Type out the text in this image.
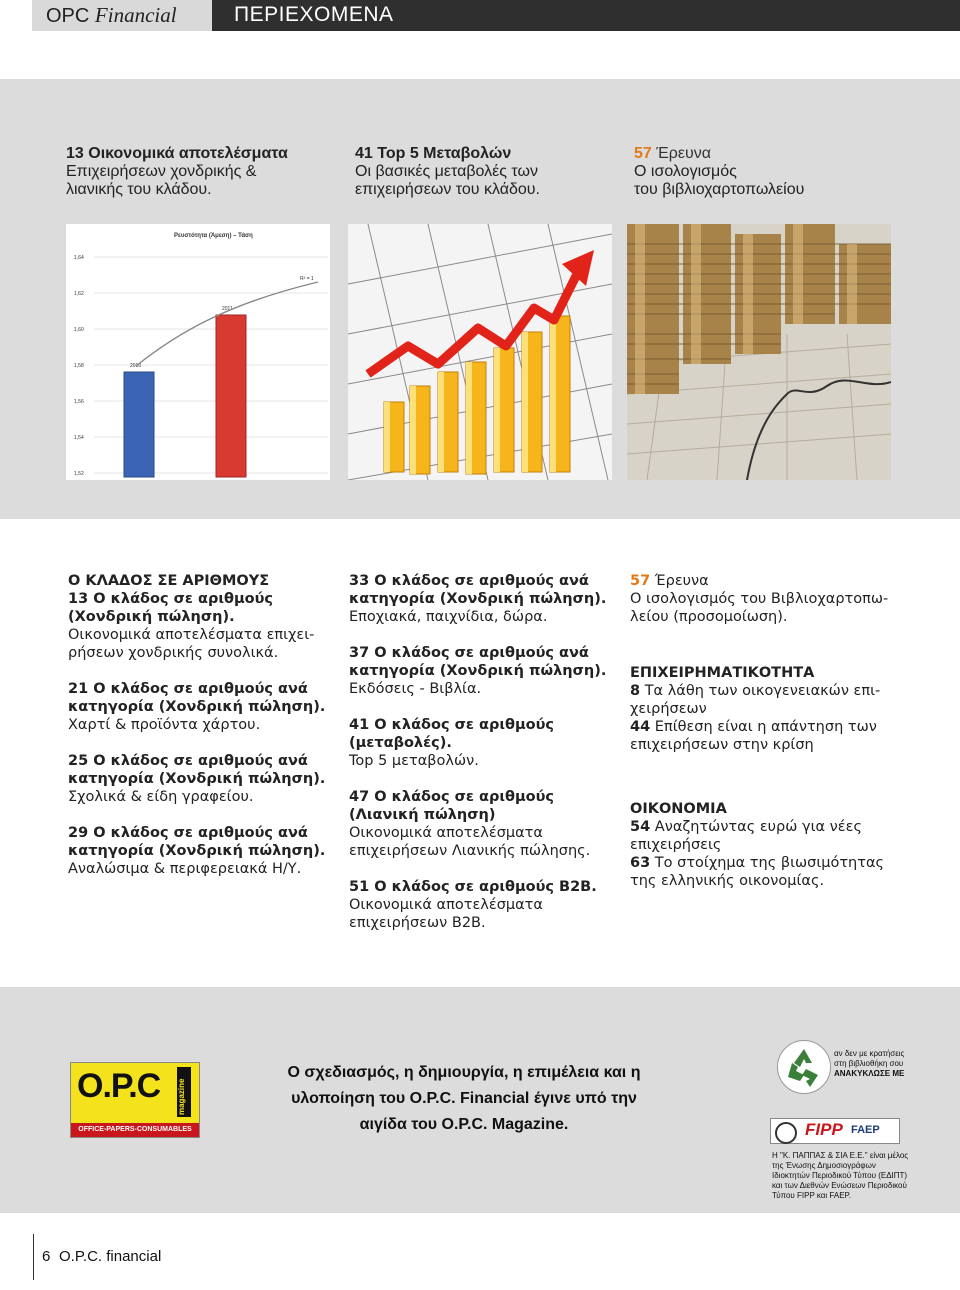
OPC Financial	ΠΕΡΙΕΧΟΜΕΝΑ
13 Οικονομικά αποτελέσματα
Επιχειρήσεων χονδρικής &
λιανικής του κλάδου.
41 Top 5 Μεταβολών
Οι βασικές μεταβολές των
επιχειρήσεων του κλάδου.
57 Έρευνα
Ο ισολογισμός
του βιβλιοχαρτοπωλείου
Ρευστότητα (Άμεση) – Τάση
1,64
1,62
1,60
1,58
1,56
1,54
1,52
2010
2011
R² = 1
Ο ΚΛΑΔΟΣ ΣΕ ΑΡΙΘΜΟΥΣ

13 Ο κλάδος σε αριθμούς
(Χονδρική πώληση).
Οικονομικά αποτελέσματα επιχει-
ρήσεων χονδρικής συνολικά.

21 Ο κλάδος σε αριθμούς ανά
κατηγορία (Χονδρική πώληση).
Χαρτί & προϊόντα χάρτου.

25 Ο κλάδος σε αριθμούς ανά
κατηγορία (Χονδρική πώληση).
Σχολικά & είδη γραφείου.

29 Ο κλάδος σε αριθμούς ανά
κατηγορία (Χονδρική πώληση).
Αναλώσιμα & περιφερειακά Η/Υ.

33 Ο κλάδος σε αριθμούς ανά
κατηγορία (Χονδρική πώληση).
Εποχιακά, παιχνίδια, δώρα.

37 Ο κλάδος σε αριθμούς ανά
κατηγορία (Χονδρική πώληση).
Εκδόσεις - Βιβλία.

41 Ο κλάδος σε αριθμούς
(μεταβολές).
Top 5 μεταβολών.

47 Ο κλάδος σε αριθμούς
(Λιανική πώληση)
Οικονομικά αποτελέσματα
επιχειρήσεων Λιανικής πώλησης.

51 Ο κλάδος σε αριθμούς B2B.
Οικονομικά αποτελέσματα
επιχειρήσεων B2B.

57 Έρευνα
Ο ισολογισμός του Βιβλιοχαρτοπω-
λείου (προσομοίωση).

ΕΠΙΧΕΙΡΗΜΑΤΙΚΟΤΗΤΑ
8 Τα λάθη των οικογενειακών επι-
χειρήσεων
44 Επίθεση είναι η απάντηση των
επιχειρήσεων στην κρίση

ΟΙΚΟΝΟΜΙΑ
54 Αναζητώντας ευρώ για νέες
επιχειρήσεις
63 Το στοίχημα της βιωσιμότητας
της ελληνικής οικονομίας.

O.P.C magazine
OFFICE-PAPERS-CONSUMABLES
Ο σχεδιασμός, η δημιουργία, η επιμέλεια και η
υλοποίηση του O.P.C. Financial έγινε υπό την
αιγίδα του O.P.C. Magazine.
αν δεν με κρατήσεις
στη βιβλιοθήκη σου
ΑΝΑΚΥΚΛΩΣΕ ΜΕ
FIPP FAEP
Η "Κ. ΠΑΠΠΑΣ & ΣΙΑ Ε.Ε." είναι μέλος
της Ένωσης Δημοσιογράφων
Ιδιοκτητών Περιοδικού Τύπου (ΕΔΙΠΤ)
και των Διεθνών Ενώσεων Περιοδικού
Τύπου FIPP και FAEP.
6 O.P.C. financial
